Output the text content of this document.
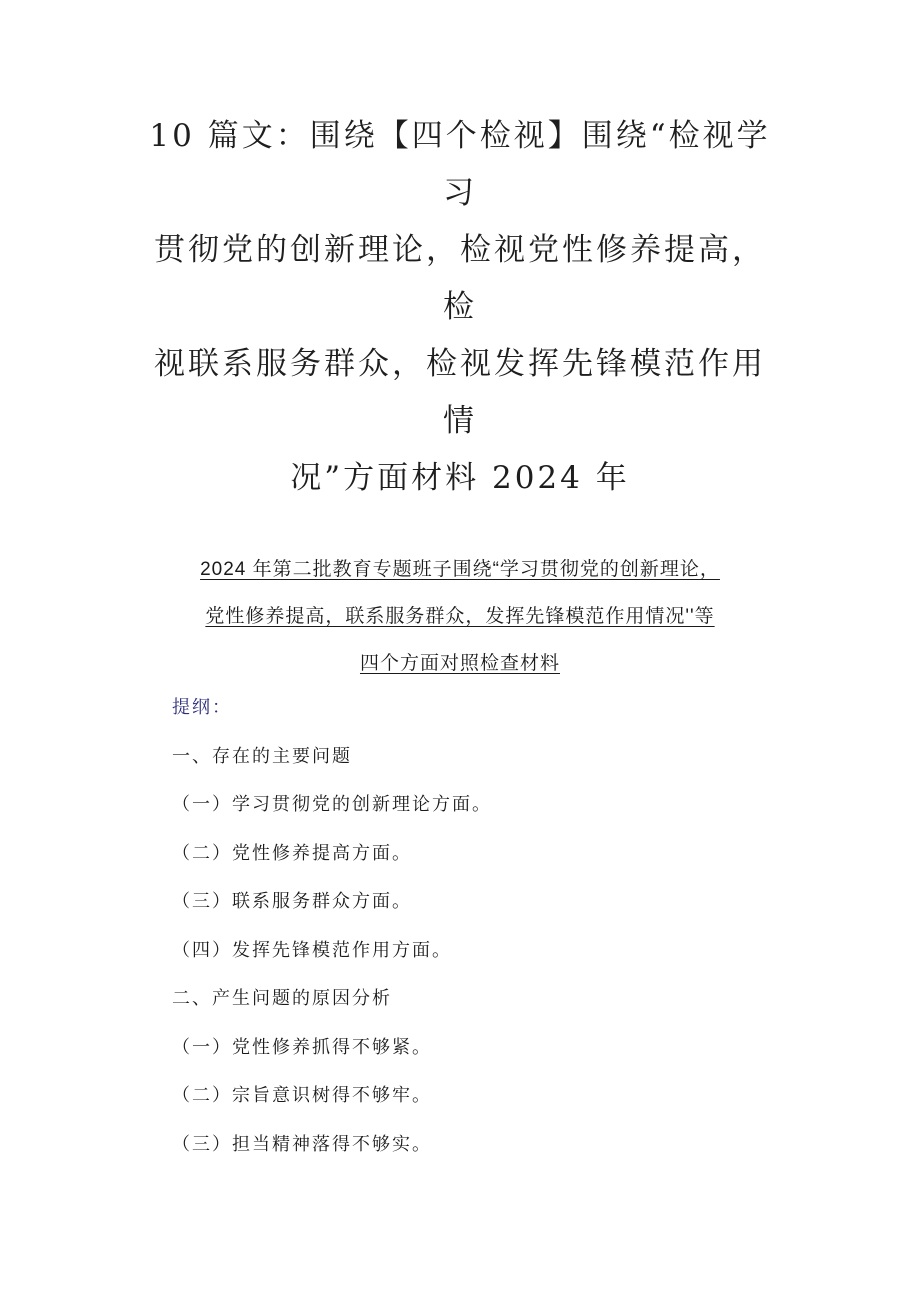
10 篇文：围绕【四个检视】围绕“检视学习
贯彻党的创新理论，检视党性修养提高，检
视联系服务群众，检视发挥先锋模范作用情
况”方面材料 2024 年
2024 年第二批教育专题班子围绕“学习贯彻党的创新理论，
党性修养提高，联系服务群众，发挥先锋模范作用情况''等
四个方面对照检查材料
提纲：
一、存在的主要问题
（一）学习贯彻党的创新理论方面。
（二）党性修养提高方面。
（三）联系服务群众方面。
（四）发挥先锋模范作用方面。
二、产生问题的原因分析
（一）党性修养抓得不够紧。
（二）宗旨意识树得不够牢。
（三）担当精神落得不够实。
